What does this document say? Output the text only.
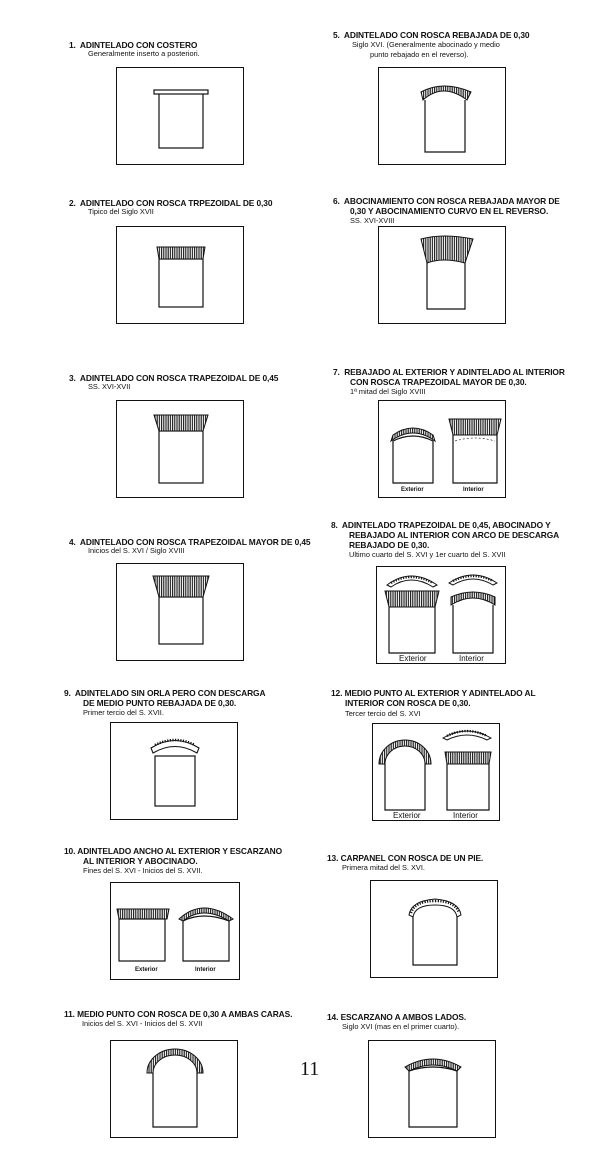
1.  ADINTELADO CON COSTERO
Generalmente inserto a posteriori.
2.  ADINTELADO CON ROSCA TRPEZOIDAL DE 0,30
Tipico del Siglo XVII
3.  ADINTELADO CON ROSCA TRAPEZOIDAL DE 0,45
SS. XVI-XVII
4.  ADINTELADO CON ROSCA TRAPEZOIDAL MAYOR DE 0,45
Inicios del S. XVI / Siglo XVIII
9.  ADINTELADO SIN ORLA PERO CON DESCARGA
DE MEDIO PUNTO REBAJADA DE 0,30.
Primer tercio del S. XVII.
10. ADINTELADO ANCHO AL EXTERIOR Y ESCARZANO
AL INTERIOR Y ABOCINADO.
Fines del S. XVI - Inicios del S. XVII.
Exterior	Interior
11. MEDIO PUNTO CON ROSCA DE 0,30 A AMBAS CARAS.
Inicios del S. XVI - Inicios del S. XVII
5.  ADINTELADO CON ROSCA REBAJADA DE 0,30
Siglo XVI. (Generalmente abocinado y medio
punto rebajado en el reverso).
6.  ABOCINAMIENTO CON ROSCA REBAJADA MAYOR DE
0,30 Y ABOCINAMIENTO CURVO EN EL REVERSO.
SS. XVI-XVIII
7.  REBAJADO AL EXTERIOR Y ADINTELADO AL INTERIOR
CON ROSCA TRAPEZOIDAL MAYOR DE 0,30.
1ª mitad del Siglo XVIII
Exterior	Interior
8.  ADINTELADO TRAPEZOIDAL DE 0,45, ABOCINADO Y
REBAJADO AL INTERIOR CON ARCO DE DESCARGA
REBAJADO DE 0,30.
Ultimo cuarto del S. XVI y 1er cuarto del S. XVII
Exterior	Interior
12. MEDIO PUNTO AL EXTERIOR Y ADINTELADO AL
INTERIOR CON ROSCA DE 0,30.
Tercer tercio del S. XVI
Exterior	Interior
13. CARPANEL CON ROSCA DE UN PIE.
Primera mitad del S. XVI.
14. ESCARZANO A AMBOS LADOS.
Siglo XVI (mas en el primer cuarto).
11
